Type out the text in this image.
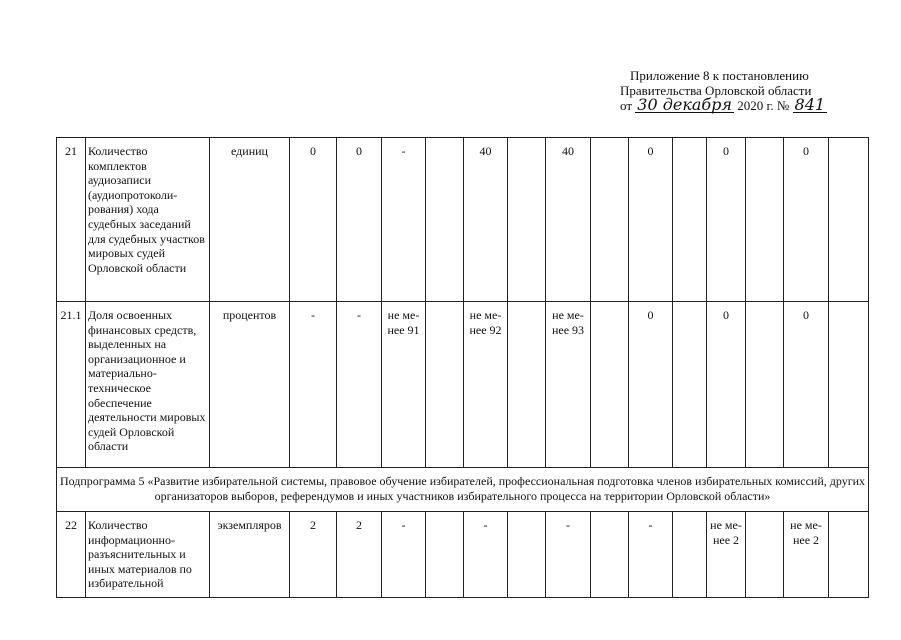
Приложение 8 к постановлению
Правительства Орловской области
от 30 декабря 2020 г. № 841
21	Количество комплектов аудиозаписи (аудиопротоколи-рования) хода судебных заседаний для судебных участков мировых судей Орловской области	единиц	0	0	-		40		40		0		0		0	
21.1	Доля освоенных финансовых средств, выделенных на организационное и материально-техническое обеспечение деятельности мировых судей Орловской области	процентов	-	-	не ме-нее 91		не ме-нее 92		не ме-нее 93		0		0		0	
Подпрограмма 5 «Развитие избирательной системы, правовое обучение избирателей, профессиональная подготовка членов избирательных комиссий, других организаторов выборов, референдумов и иных участников избирательного процесса на территории Орловской области»																
22	Количество информационно-разъяснительных и иных материалов по избирательной	экземпляров	2	2	-		-		-		-		не ме-нее 2		не ме-нее 2	
